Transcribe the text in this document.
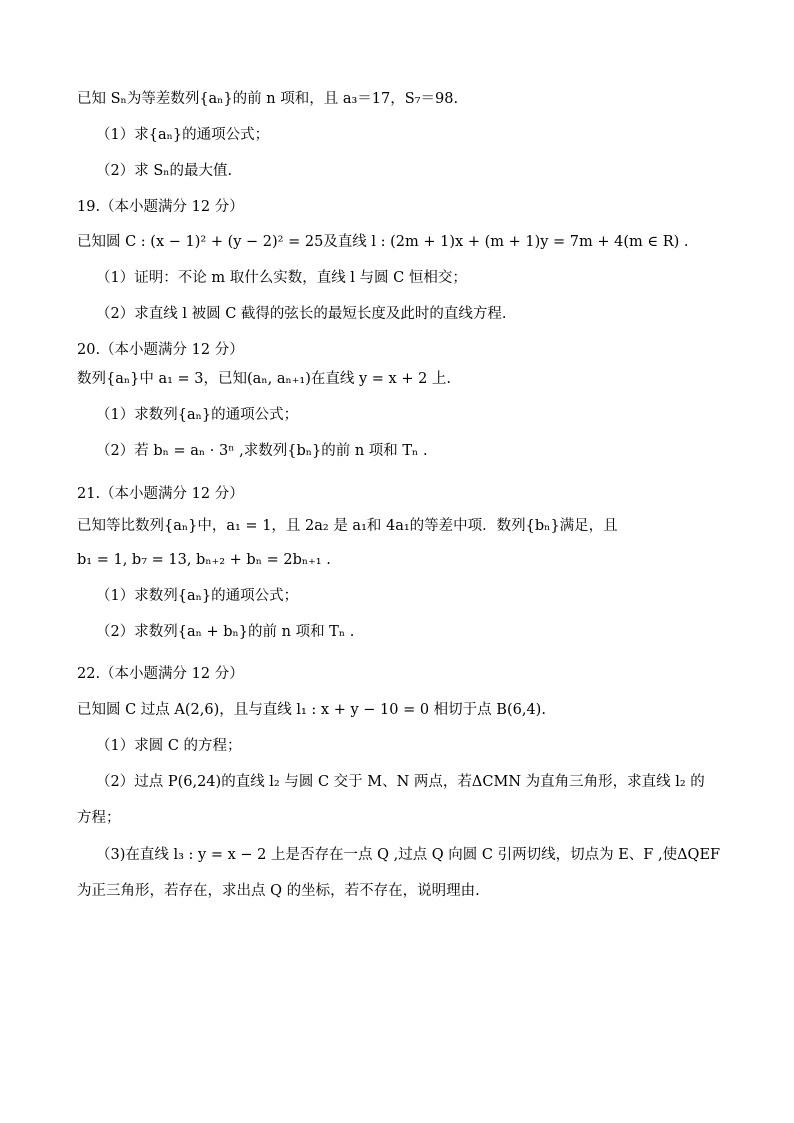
已知 Sₙ为等差数列{aₙ}的前 n 项和，且 a₃＝17，S₇＝98.
（1）求{aₙ}的通项公式；
（2）求 Sₙ的最大值.
19.（本小题满分 12 分）
已知圆 C : (x − 1)² + (y − 2)² = 25及直线 l : (2m + 1)x + (m + 1)y = 7m + 4(m ∈ R) .
（1）证明：不论 m 取什么实数，直线 l 与圆 C 恒相交；
（2）求直线 l 被圆 C 截得的弦长的最短长度及此时的直线方程.
20.（本小题满分 12 分）
数列{aₙ}中 a₁ = 3，已知(aₙ, aₙ₊₁)在直线 y = x + 2 上.
（1）求数列{aₙ}的通项公式；
（2）若 bₙ = aₙ · 3ⁿ ,求数列{bₙ}的前 n 项和 Tₙ .
21.（本小题满分 12 分）
已知等比数列{aₙ}中，a₁ = 1，且 2a₂ 是 a₁和 4a₁的等差中项．数列{bₙ}满足，且
b₁ = 1, b₇ = 13, bₙ₊₂ + bₙ = 2bₙ₊₁ .
（1）求数列{aₙ}的通项公式；
（2）求数列{aₙ + bₙ}的前 n 项和 Tₙ .
22.（本小题满分 12 分）
已知圆 C 过点 A(2,6)，且与直线 l₁ : x + y − 10 = 0 相切于点 B(6,4).
（1）求圆 C 的方程；
（2）过点 P(6,24)的直线 l₂ 与圆 C 交于 M、N 两点，若ΔCMN 为直角三角形，求直线 l₂ 的
方程；
（3)在直线 l₃ : y = x − 2 上是否存在一点 Q ,过点 Q 向圆 C 引两切线，切点为 E、F ,使ΔQEF
为正三角形，若存在，求出点 Q 的坐标，若不存在，说明理由.
